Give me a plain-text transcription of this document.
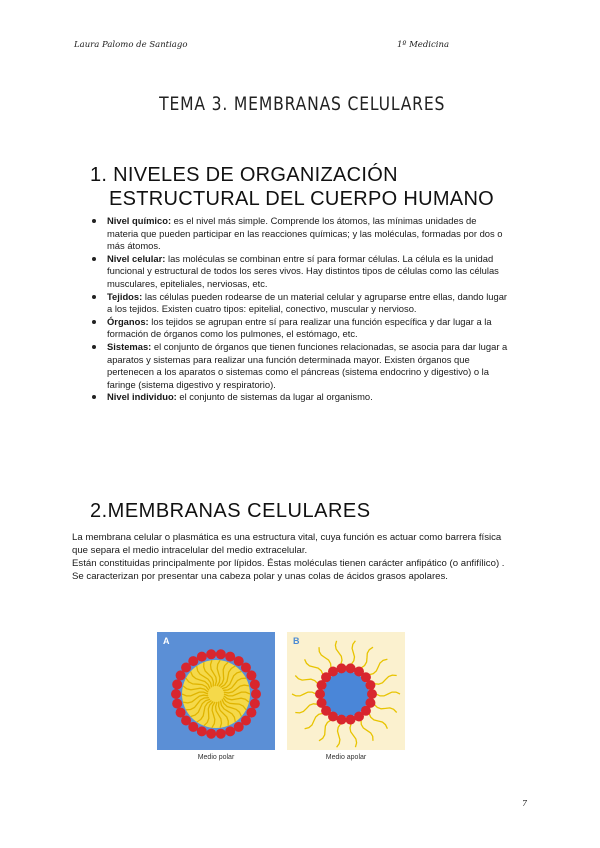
Laura Palomo de Santiago	1º Medicina
TEMA 3. MEMBRANAS CELULARES
1. NIVELES DE ORGANIZACIÓN
ESTRUCTURAL DEL CUERPO HUMANO
Nivel químico: es el nivel más simple. Comprende los átomos, las mínimas unidades de materia que pueden participar en las reacciones químicas; y las moléculas, formadas por dos o más átomos.
Nivel celular: las moléculas se combinan entre sí para formar células. La célula es la unidad funcional y estructural de todos los seres vivos. Hay distintos tipos de células como las células musculares, epiteliales, nerviosas, etc.
Tejidos: las células pueden rodearse de un material celular y agruparse entre ellas, dando lugar a los tejidos. Existen cuatro tipos: epitelial, conectivo, muscular y nervioso.
Órganos: los tejidos se agrupan entre sí para realizar una función específica y dar lugar a la formación de órganos como los pulmones, el estómago, etc.
Sistemas: el conjunto de órganos que tienen funciones relacionadas, se asocia para dar lugar a aparatos y sistemas para realizar una función determinada mayor. Existen órganos que pertenecen a los aparatos o sistemas como el páncreas (sistema endocrino y digestivo) o la faringe (sistema digestivo y respiratorio).
Nivel individuo: el conjunto de sistemas da lugar al organismo.
2.MEMBRANAS CELULARES

La membrana celular o plasmática es una estructura vital, cuya función es actuar como barrera física que separa el medio intracelular del medio extracelular.

Están constituidas principalmente por lípidos. Éstas moléculas tienen carácter anfipático (o anfifílico) . Se caracterizan por presentar una cabeza polar y unas colas de ácidos grasos apolares.

A	B
Medio polar	Medio apolar
7
